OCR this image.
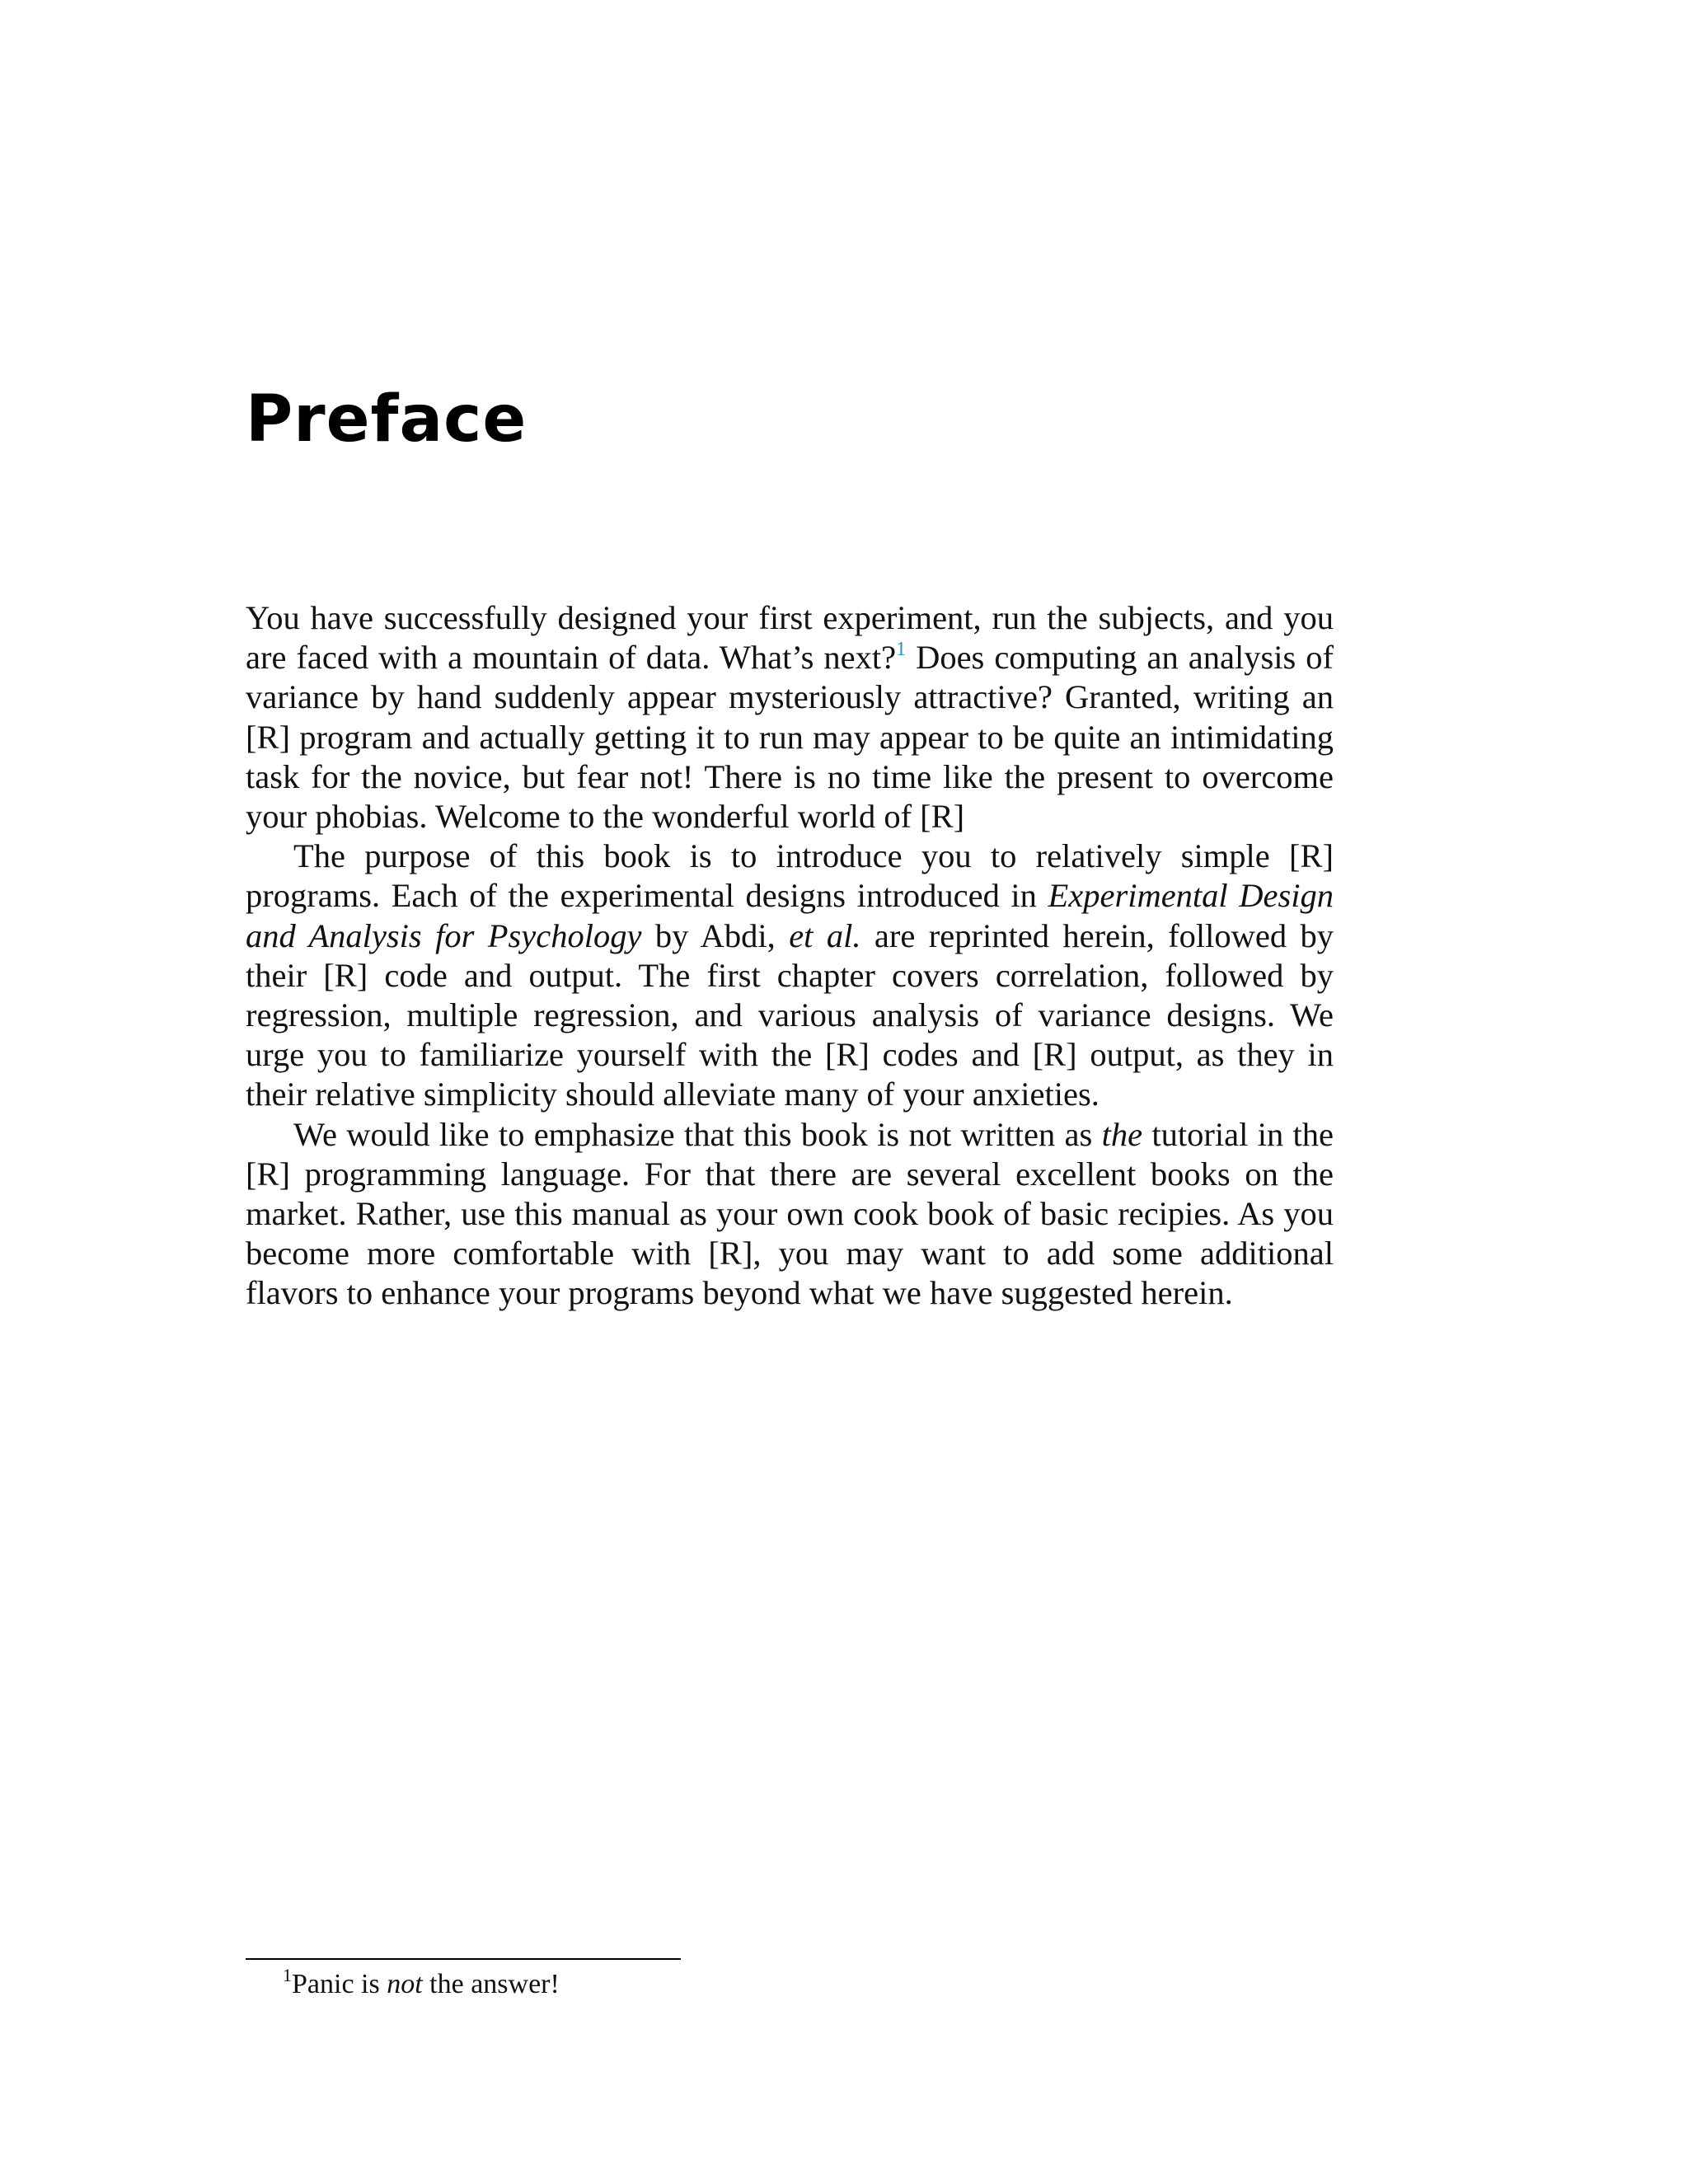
Preface

You have successfully designed your first experiment, run the subjects, and you are faced with a mountain of data. What’s next?$^1$ Does computing an analysis of variance by hand suddenly appear mysteriously attractive? Granted, writing an [R] program and actually getting it to run may appear to be quite an intimidating task for the novice, but fear not! There is no time like the present to overcome your phobias. Welcome to the wonderful world of [R]

The purpose of this book is to introduce you to relatively simple [R] programs. Each of the experimental designs introduced in Experimental Design and Analysis for Psychology by Abdi, et al. are reprinted herein, followed by their [R] code and output. The first chapter covers correlation, followed by regression, multiple regression, and various analysis of variance designs. We urge you to familiarize yourself with the [R] codes and [R] output, as they in their relative simplicity should alleviate many of your anxieties.

We would like to emphasize that this book is not written as the tutorial in the [R] programming language. For that there are several excellent books on the market. Rather, use this manual as your own cook book of basic recipies. As you become more comfortable with [R], you may want to add some additional flavors to enhance your programs beyond what we have suggested herein.

$^1$Panic is not the answer!
